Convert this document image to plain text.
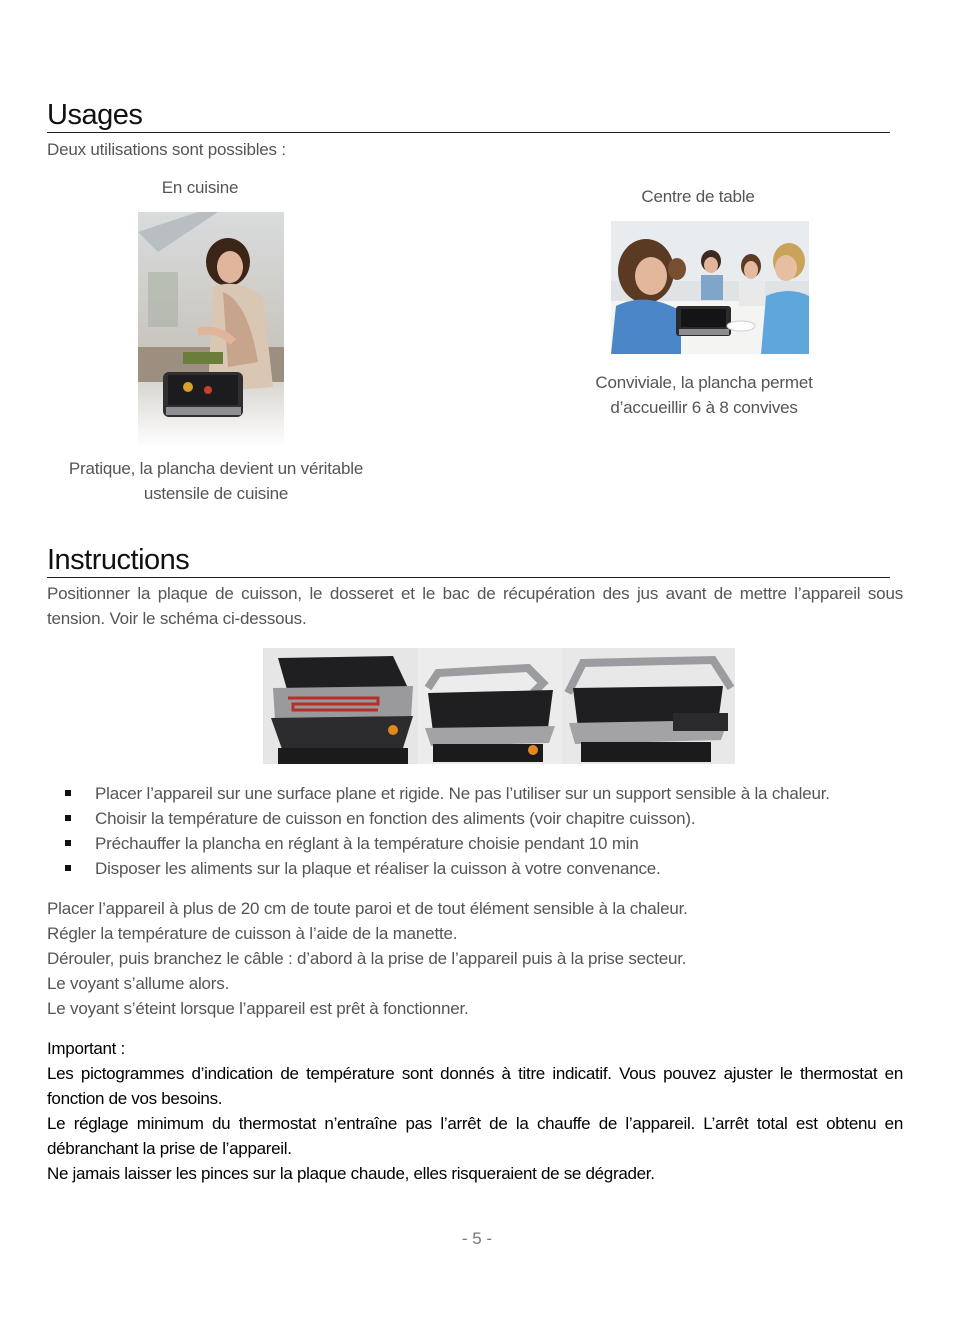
Usages
Deux utilisations sont possibles :
En cuisine	Centre de table
Conviviale, la plancha permet
d’accueillir 6 à 8 convives
Pratique, la plancha devient un véritable
ustensile de cuisine
Instructions
Positionner la plaque de cuisson, le dosseret et le bac de récupération des jus avant de mettre l’appareil sous tension. Voir le schéma ci-dessous.
Placer l’appareil sur une surface plane et rigide. Ne pas l’utiliser sur un support sensible à la chaleur.
Choisir la température de cuisson en fonction des aliments (voir chapitre cuisson).
Préchauffer la plancha en réglant à la température choisie pendant 10 min
Disposer les aliments sur la plaque et réaliser la cuisson à votre convenance.
Placer l’appareil à plus de 20 cm de toute paroi et de tout élément sensible à la chaleur.
Régler la température de cuisson à l’aide de la manette.
Dérouler, puis branchez le câble : d’abord à la prise de l’appareil puis à la prise secteur.
Le voyant s’allume alors.
Le voyant s’éteint lorsque l’appareil est prêt à fonctionner.
Important :
Les pictogrammes d’indication de température sont donnés à titre indicatif. Vous pouvez ajuster le thermostat en fonction de vos besoins.
Le réglage minimum du thermostat n’entraîne pas l’arrêt de la chauffe de l’appareil. L’arrêt total est obtenu en débranchant la prise de l’appareil.
Ne jamais laisser les pinces sur la plaque chaude, elles risqueraient de se dégrader.
- 5 -
